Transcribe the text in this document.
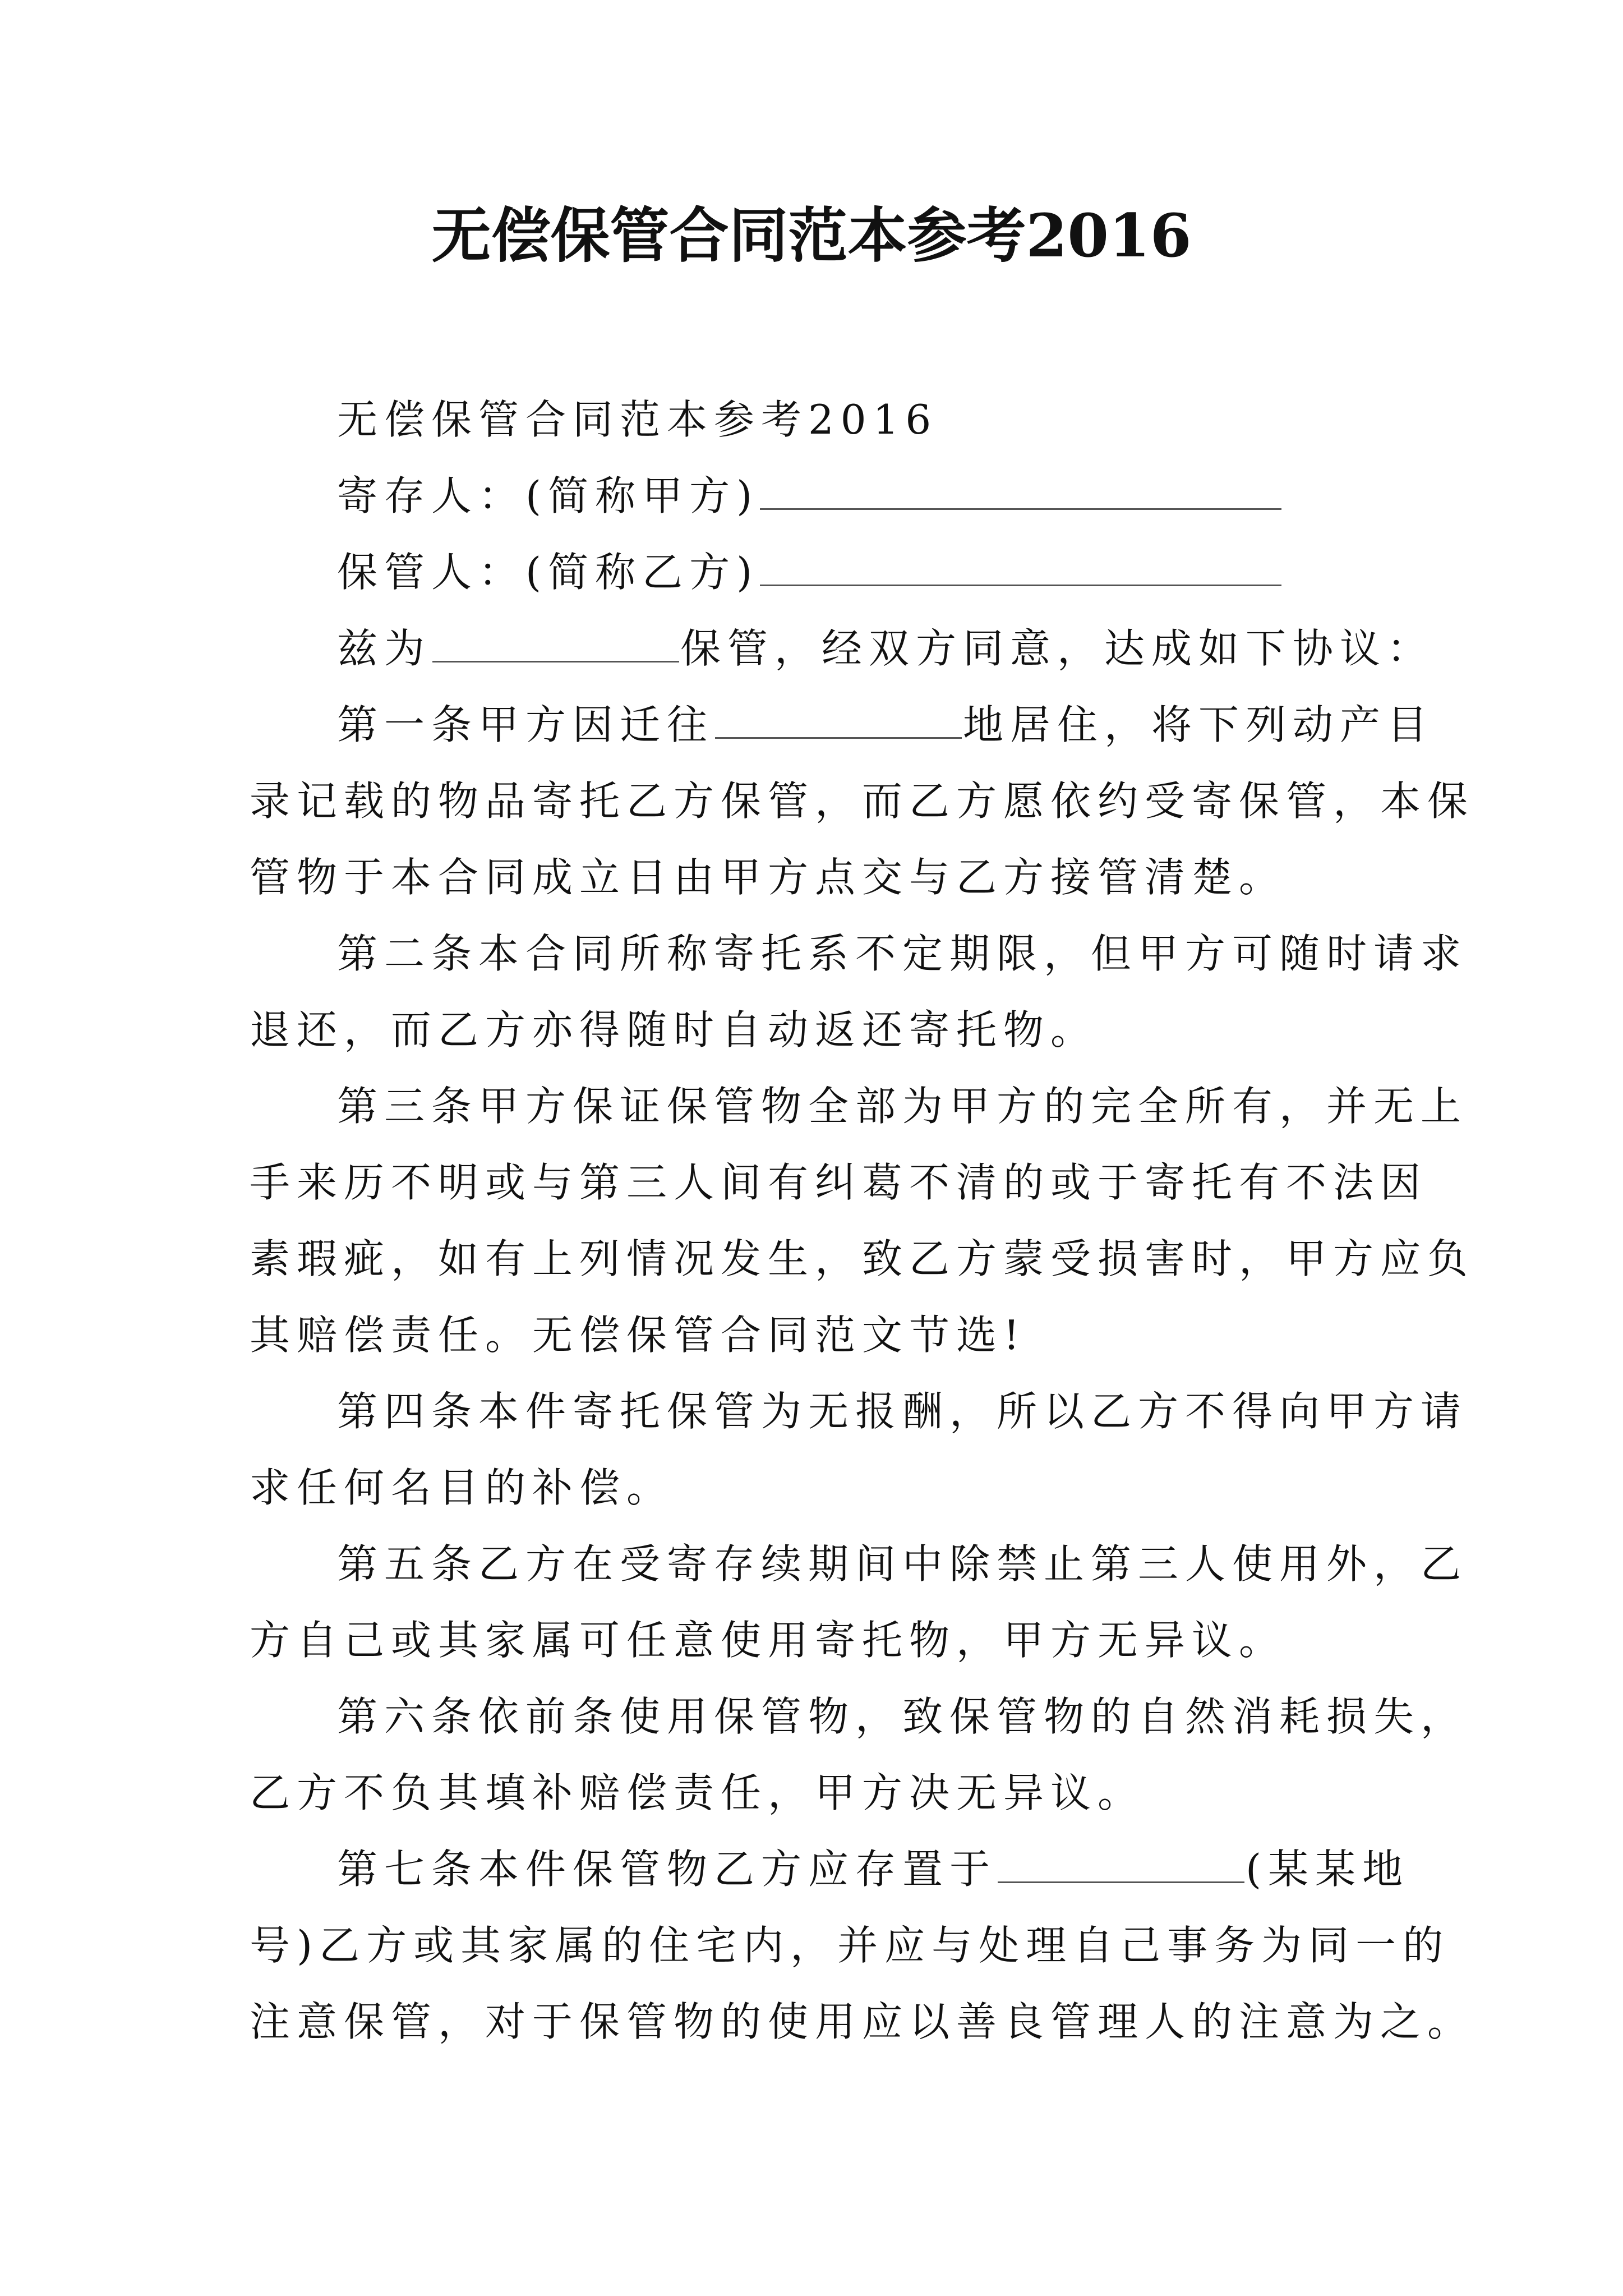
无偿保管合同范本参考2016
无偿保管合同范本参考2016
寄存人：(简称甲方)
保管人：(简称乙方)
兹为	保管，经双方同意，达成如下协议：
第一条甲方因迁往	地居住，将下列动产目
录记载的物品寄托乙方保管，而乙方愿依约受寄保管，本保
管物于本合同成立日由甲方点交与乙方接管清楚。
第二条本合同所称寄托系不定期限，但甲方可随时请求
退还，而乙方亦得随时自动返还寄托物。
第三条甲方保证保管物全部为甲方的完全所有，并无上
手来历不明或与第三人间有纠葛不清的或于寄托有不法因
素瑕疵，如有上列情况发生，致乙方蒙受损害时，甲方应负
其赔偿责任。无偿保管合同范文节选!
第四条本件寄托保管为无报酬，所以乙方不得向甲方请
求任何名目的补偿。
第五条乙方在受寄存续期间中除禁止第三人使用外，乙
方自己或其家属可任意使用寄托物，甲方无异议。
第六条依前条使用保管物，致保管物的自然消耗损失，
乙方不负其填补赔偿责任，甲方决无异议。
第七条本件保管物乙方应存置于	(某某地
号)乙方或其家属的住宅内，并应与处理自己事务为同一的
注意保管，对于保管物的使用应以善良管理人的注意为之。
